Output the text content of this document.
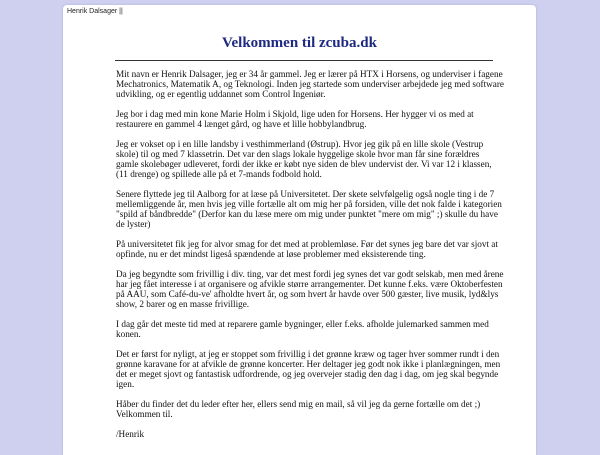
Henrik Dalsager ||
Velkommen til zcuba.dk

Mit navn er Henrik Dalsager, jeg er 34 år gammel. Jeg er lærer på HTX i Horsens, og underviser i fagene Mechatronics, Matematik A, og Teknologi. Inden jeg startede som underviser arbejdede jeg med software udvikling, og er egentlig uddannet som Control Ingeniør.

Jeg bor i dag med min kone Marie Holm i Skjold, lige uden for Horsens. Her hygger vi os med at restaurere en gammel 4 længet gård, og have et lille hobbylandbrug.

Jeg er vokset op i en lille landsby i vesthimmerland (Østrup). Hvor jeg gik på en lille skole (Vestrup skole) til og med 7 klassetrin. Det var den slags lokale hyggelige skole hvor man får sine forældres gamle skolebøger udleveret, fordi der ikke er købt nye siden de blev undervist der. Vi var 12 i klassen, (11 drenge) og spillede alle på et 7-mands fodbold hold.

Senere flyttede jeg til Aalborg for at læse på Universitetet. Der skete selvfølgelig også nogle ting i de 7 mellemliggende år, men hvis jeg ville fortælle alt om mig her på forsiden, ville det nok falde i kategorien "spild af båndbredde" (Derfor kan du læse mere om mig under punktet "mere om mig" ;) skulle du have de lyster)

På universitetet fik jeg for alvor smag for det med at problemløse. Før det synes jeg bare det var sjovt at opfinde, nu er det mindst ligeså spændende at løse problemer med eksisterende ting.

Da jeg begyndte som frivillig i div. ting, var det mest fordi jeg synes det var godt selskab, men med årene har jeg fået interesse i at organisere og afvikle større arrangementer. Det kunne f.eks. være Oktoberfesten på AAU, som Café-du-ve' afholdte hvert år, og som hvert år havde over 500 gæster, live musik, lyd&lys show, 2 barer og en masse frivillige.

I dag går det meste tid med at reparere gamle bygninger, eller f.eks. afholde julemarked sammen med konen.

Det er først for nyligt, at jeg er stoppet som frivillig i det grønne kræw og tager hver sommer rundt i den grønne karavane for at afvikle de grønne koncerter. Her deltager jeg godt nok ikke i planlægningen, men det er meget sjovt og fantastisk udfordrende, og jeg overvejer stadig den dag i dag, om jeg skal begynde igen.

Håber du finder det du leder efter her, ellers send mig en mail, så vil jeg da gerne fortælle om det ;)

Velkommen til.

/Henrik
